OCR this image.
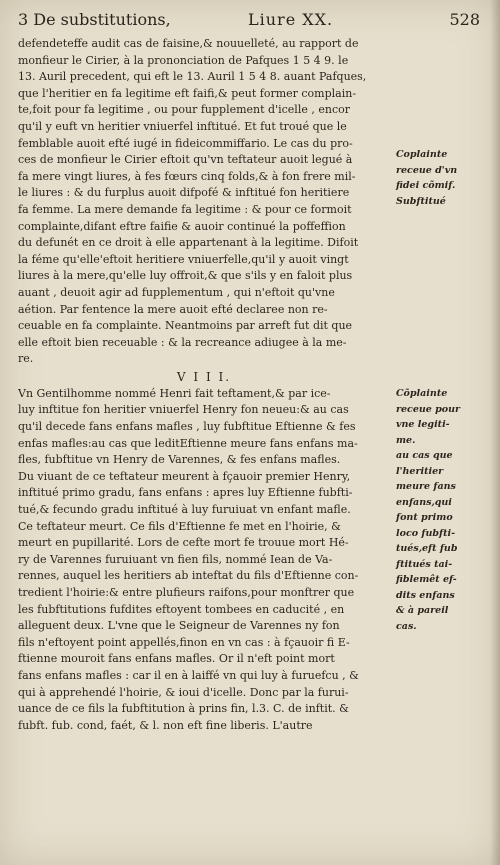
3 De substitutions,	Liure XX.	528
defendeteffe audit cas de faisine,& nouuelleté, au rapport de
monfieur le Cirier, à la prononciation de Pafques 1 5 4 9. le
13. Auril precedent, qui eft le 13. Auril 1 5 4 8. auant Pafques,
que l'heritier en fa legitime eft faifi,& peut former complain-
te,foit pour fa legitime , ou pour fupplement d'icelle , encor
qu'il y euft vn heritier vniuerfel inftitué. Et fut troué que le
femblable auoit efté iugé in fideicommiffario. Le cas du pro-
ces de monfieur le Cirier eftoit qu'vn teftateur auoit legué à
fa mere vingt liures, à fes fœurs cinq folds,& à fon frere mil-
le liures : & du furplus auoit difpofé & inftitué fon heritiere
fa femme. La mere demande fa legitime : & pour ce formoit
complainte,difant eftre faifie & auoir continué la poffeffion
du defunét en ce droit à elle appartenant à la legitime. Difoit
la féme qu'elle'eftoit heritiere vniuerfelle,qu'il y auoit vingt
liures à la mere,qu'elle luy offroit,& que s'ils y en faloit plus
auant , deuoit agir ad fupplementum , qui n'eftoit qu'vne
aétion. Par fentence la mere auoit efté declaree non re-
ceuable en fa complainte. Neantmoins par arreft fut dit que
elle eftoit bien receuable : & la recreance adiugee à la me-
re.
V I I I.
Vn Gentilhomme nommé Henri fait teftament,& par ice-
luy inftitue fon heritier vniuerfel Henry fon neueu:& au cas
qu'il decede fans enfans mafles , luy fubftitue Eftienne & fes
enfas mafles:au cas que leditEftienne meure fans enfans ma-
fles, fubftitue vn Henry de Varennes, & fes enfans mafles.
Du viuant de ce teftateur meurent à fçauoir premier Henry,
inftitué primo gradu, fans enfans : apres luy Eftienne fubfti-
tué,& fecundo gradu inftitué à luy furuiuat vn enfant mafle.
Ce teftateur meurt. Ce fils d'Eftienne fe met en l'hoirie, &
meurt en pupillarité. Lors de cefte mort fe trouue mort Hé-
ry de Varennes furuiuant vn fien fils, nommé Iean de Va-
rennes, auquel les heritiers ab inteftat du fils d'Eftienne con-
tredient l'hoirie:& entre plufieurs raifons,pour monftrer que
les fubftitutions fufdites eftoyent tombees en caducité , en
alleguent deux. L'vne que le Seigneur de Varennes ny fon
fils n'eftoyent point appellés,finon en vn cas : à fçauoir fi E-
ftienne mouroit fans enfans mafles. Or il n'eft point mort
fans enfans mafles : car il en à laiffé vn qui luy à furuefcu , &
qui à apprehendé l'hoirie, & ioui d'icelle. Donc par la furui-
uance de ce fils la fubftitution à prins fin, l.3. C. de inftit. &
fubft. fub. cond, faét, & l. non eft fine liberis. L'autre
Coplainte
receue d'vn
fidei cõmif.
Subftitué
Cõplainte
receue pour
vne legiti-
me.
au cas que
l'heritier
meure fans
enfans,qui
font primo
loco fubfti-
tués,eft fub
ftitués tai-
fiblemêt ef-
dits enfans
& à pareil
cas.
